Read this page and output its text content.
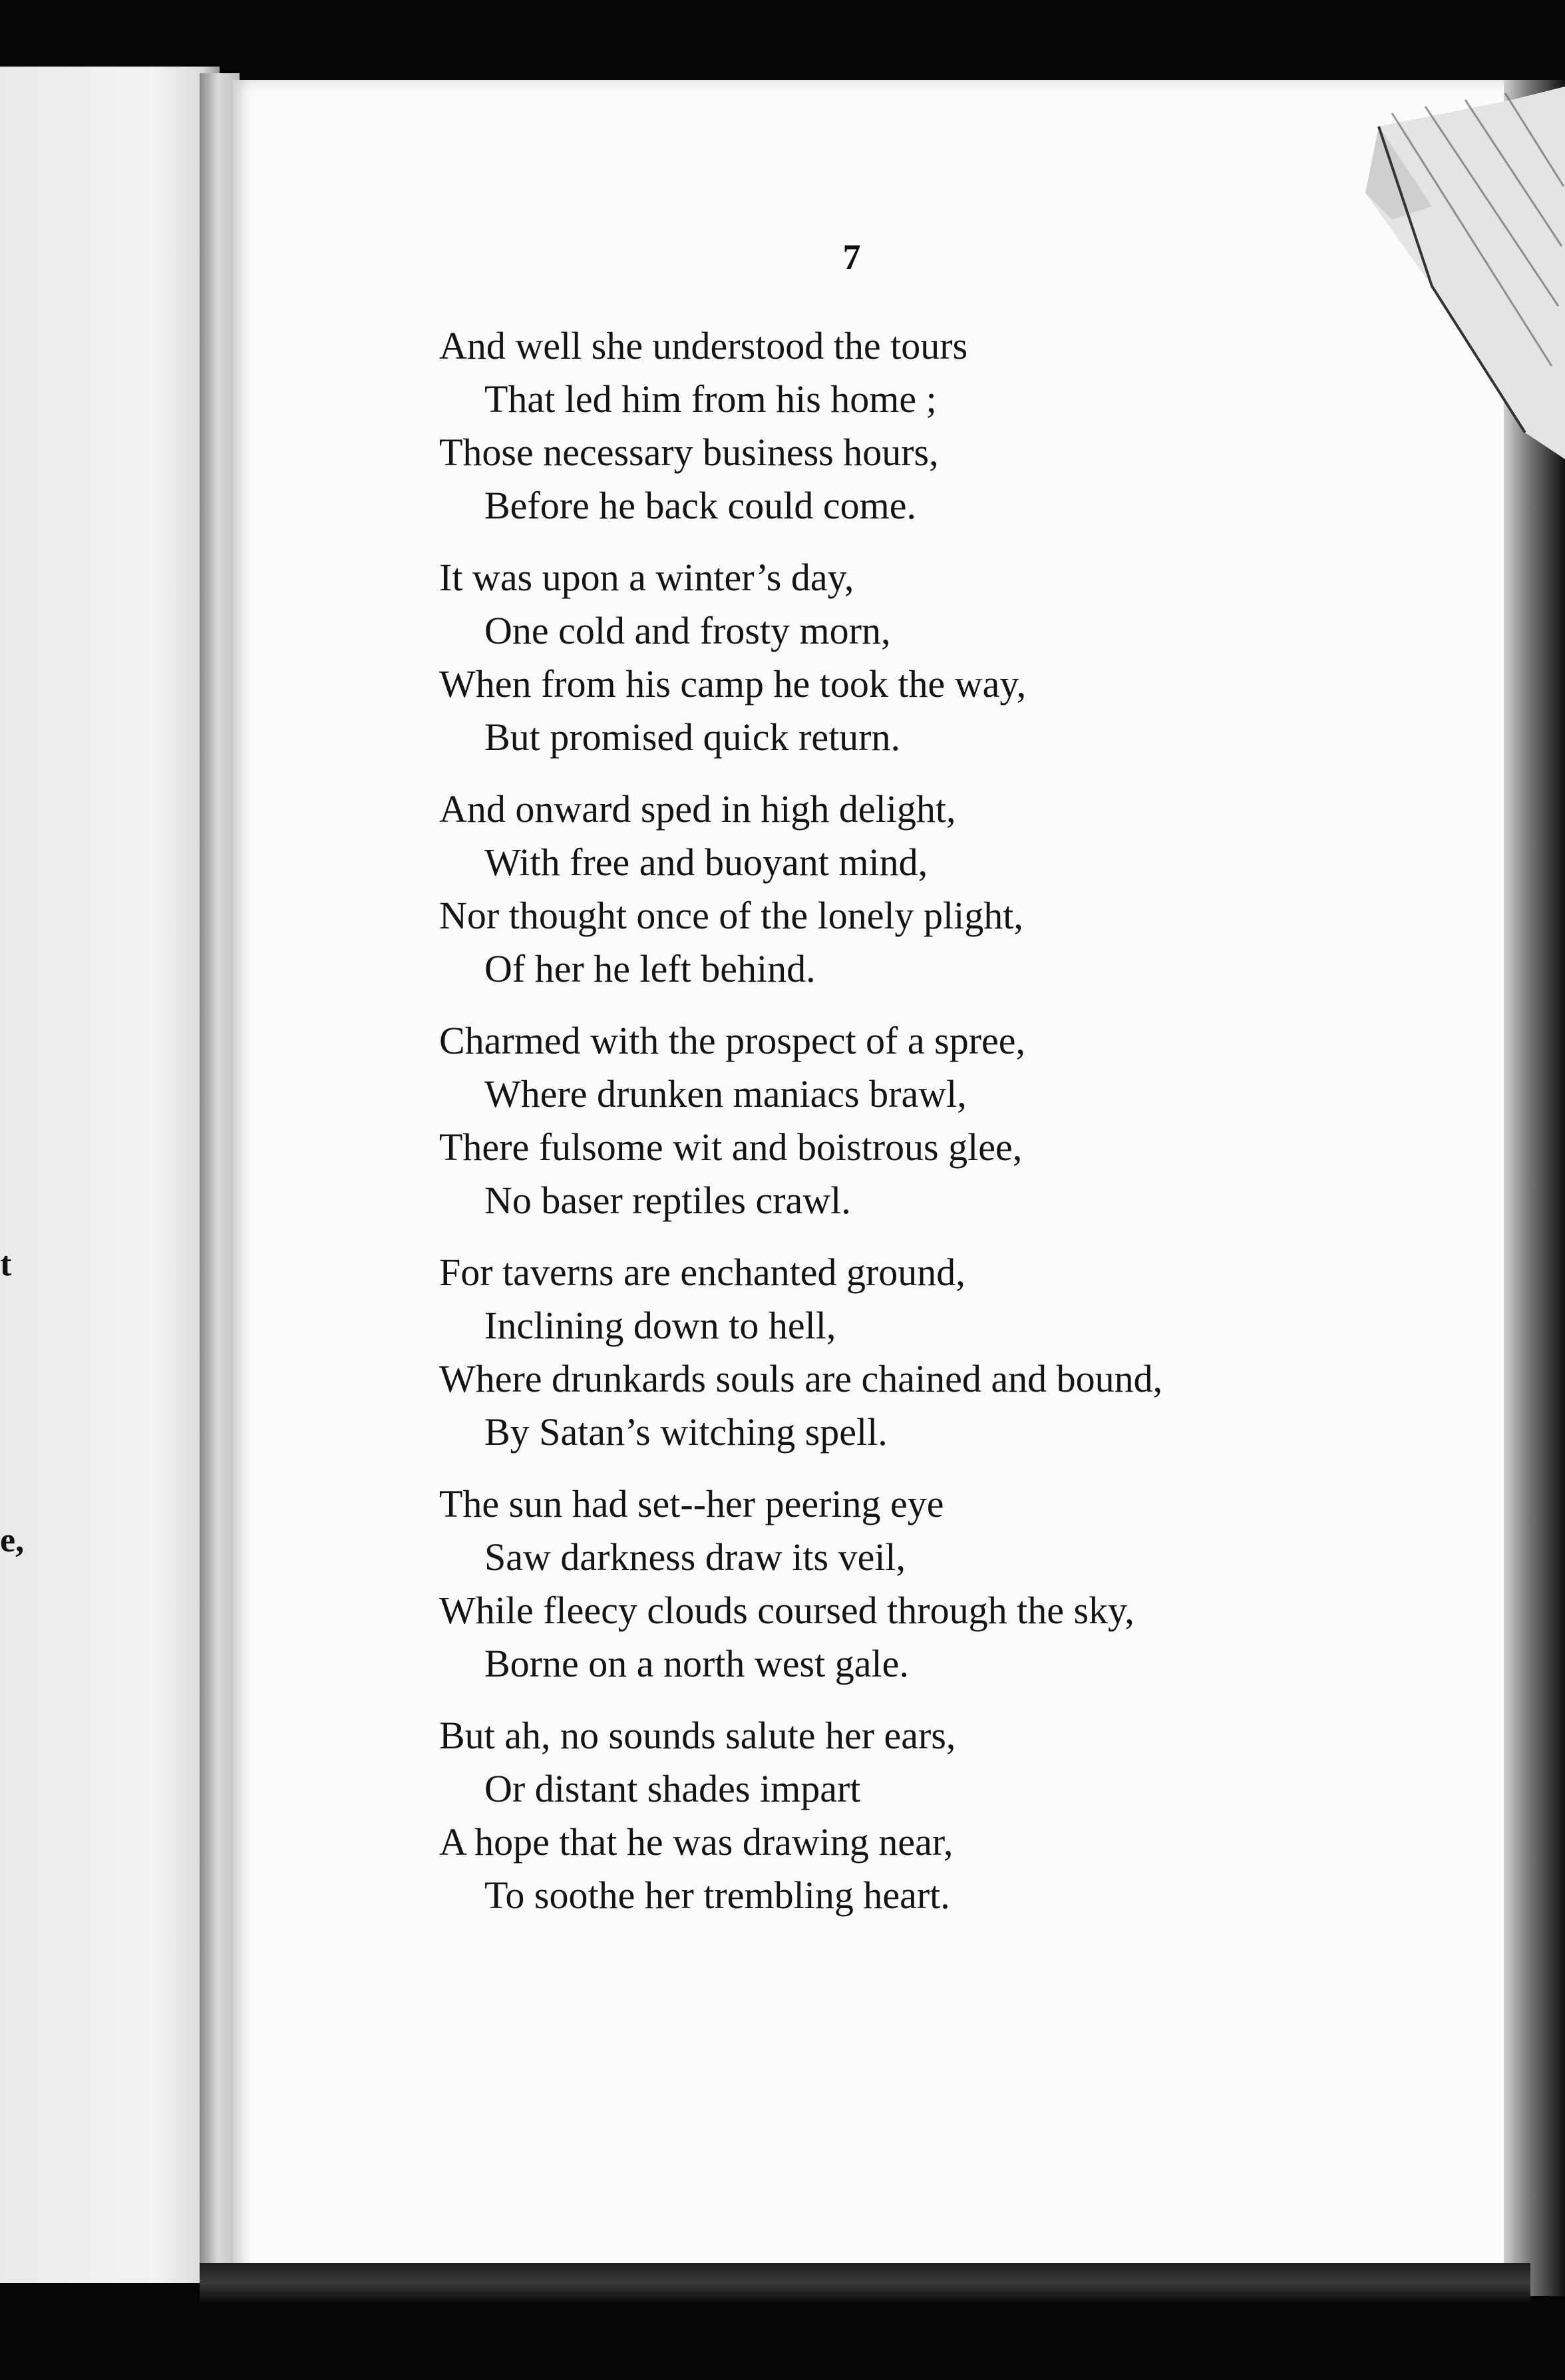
t
e,
7
And well she understood the tours
That led him from his home ;
Those necessary business hours,
Before he back could come.
It was upon a winter’s day,
One cold and frosty morn,
When from his camp he took the way,
But promised quick return.
And onward sped in high delight,
With free and buoyant mind,
Nor thought once of the lonely plight,
Of her he left behind.
Charmed with the prospect of a spree,
Where drunken maniacs brawl,
There fulsome wit and boistrous glee,
No baser reptiles crawl.
For taverns are enchanted ground,
Inclining down to hell,
Where drunkards souls are chained and bound,
By Satan’s witching spell.
The sun had set--her peering eye
Saw darkness draw its veil,
While fleecy clouds coursed through the sky,
Borne on a north west gale.
But ah, no sounds salute her ears,
Or distant shades impart
A hope that he was drawing near,
To soothe her trembling heart.
